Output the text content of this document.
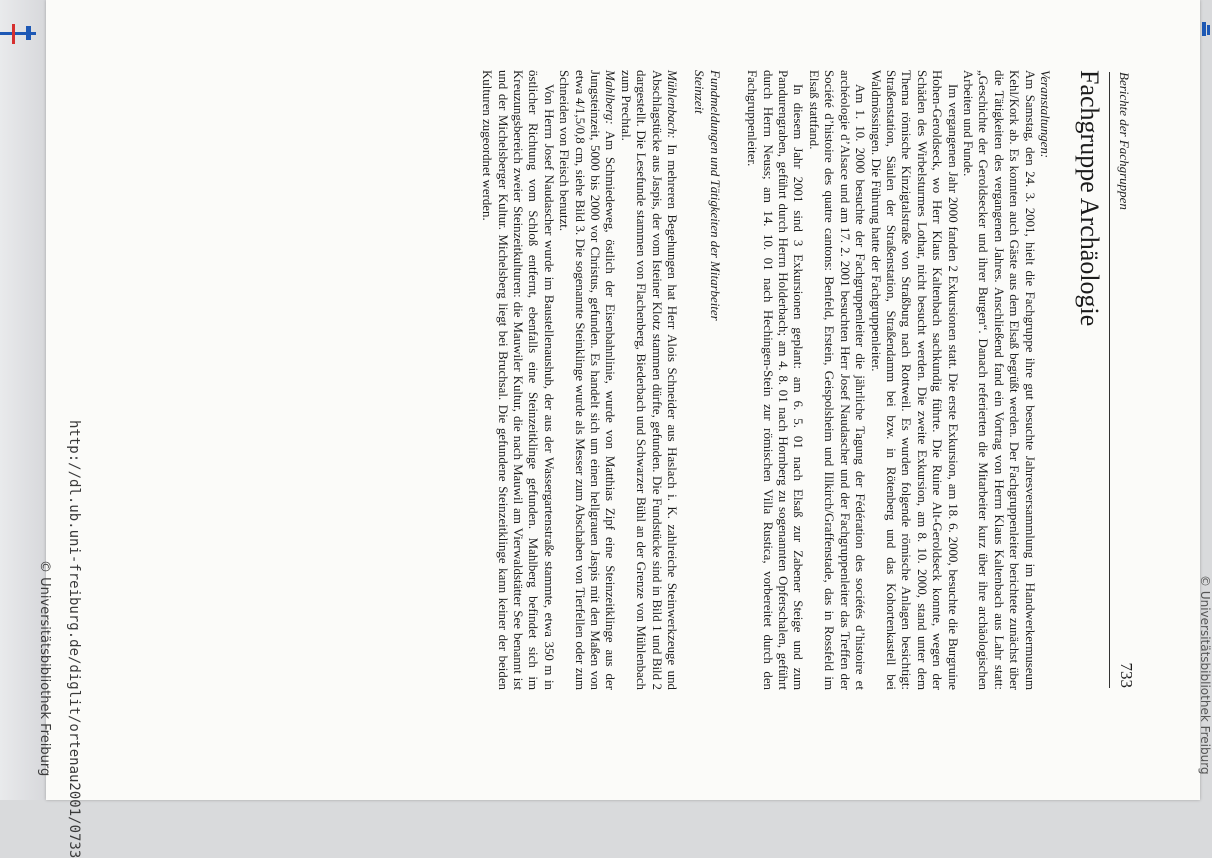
© Universitätsbibliothek Freiburg
Berichte der Fachgruppen
733
Fachgruppe Archäologie

Veranstaltungen:

Am Samstag, den 24. 3. 2001, hielt die Fachgruppe ihre gut besuchte Jahresversammlung im Handwerkermuseum Kehl/Kork ab. Es konnten auch Gäste aus dem Elsaß begrüßt werden. Der Fachgruppenleiter berichtete zunächst über die Tätigkeiten des vergangenen Jahres. Anschließend fand ein Vortrag von Herrn Klaus Kaltenbach aus Lahr statt: „Geschichte der Geroldsecker und ihrer Burgen“. Danach referierten die Mitarbeiter kurz über ihre archäologischen Arbeiten und Funde.

Im vergangenen Jahr 2000 fanden 2 Exkursionen statt. Die erste Exkursion, am 18. 6. 2000, besuchte die Burgruine Hohen-Geroldseck, wo Herr Klaus Kaltenbach sachkundig führte. Die Ruine Alt-Geroldseck konnte, wegen der Schäden des Wirbelsturmes Lothar, nicht besucht werden. Die zweite Exkursion, am 8. 10. 2000, stand unter dem Thema römische Kinzigtalstraße von Straßburg nach Rottweil. Es wurden folgende römische Anlagen besichtigt: Straßenstation, Säulen der Straßenstation, Straßendamm bei bzw. in Rötenberg und das Kohortenkastell bei Waldmössingen. Die Führung hatte der Fachgruppenleiter.

Am 1. 10. 2000 besuchte der Fachgruppenleiter die jährliche Tagung der Fédération des sociétés d’histoire et archéologie d’Alsace und am 17. 2. 2001 besuchten Herr Josef Naudascher und der Fachgruppenleiter das Treffen der Société d’histoire des quatre cantons: Benfeld, Erstein, Geispolsheim und Illkirch/Graffenstade, das in Rossfeld im Elsaß stattfand.

In diesem Jahr 2001 sind 3 Exkursionen geplant: am 6. 5. 01 nach Elsaß zur Zabener Steige und zum Pandurengraben, geführt durch Herrn Holderbach; am 4. 8. 01 nach Hornberg zu sogenannten Opferschalen, geführt durch Herrn Neuss; am 14. 10. 01 nach Hechingen-Stein zur römischen Villa Rustica, vorbereitet durch den Fachgruppenleiter.

Fundmeldungen und Tätigkeiten der Mitarbeiter

Steinzeit

Mühlenbach: In mehreren Begehungen hat Herr Alois Schneider aus Haslach i. K. zahlreiche Steinwerkzeuge und Abschlagstücke aus Jaspis, der vom Isteiner Klotz stammen dürfte, gefunden. Die Fundstücke sind in Bild 1 und Bild 2 dargestellt. Die Lesefunde stammen von Flachenberg, Biederbach und Schwarzer Bühl an der Grenze von Mühlenbach zum Prechtal.

Mahlberg: Am Schmiedeweg, östlich der Eisenbahnlinie, wurde von Matthias Zipf eine Steinzeitklinge aus der Jungsteinzeit, 5000 bis 2000 vor Christus, gefunden. Es handelt sich um einen hellgrauen Jaspis mit den Maßen von etwa 4/1,5/0,8 cm, siehe Bild 3. Die sogenannte Steinklinge wurde als Messer zum Abschaben von Tierfellen oder zum Schneiden von Fleisch benutzt.

Von Herrn Josef Naudascher wurde im Baustellenaushub, der aus der Wassergartenstraße stammte, etwa 350 m in östlicher Richtung vom Schloß entfernt, ebenfalls eine Steinzeitklinge gefunden. Mahlberg befindet sich im Kreuzungsbereich zweier Steinzeitkulturen: die Mauwiler Kultur, die nach Mauwil am Vierwaldstätter See benannt ist und der Michelsberger Kultur. Michelsberg liegt bei Bruchsal. Die gefundene Steinzeitklinge kann keiner der beiden Kulturen zugeordnet werden.

http://dl.ub.uni-freiburg.de/diglit/ortenau2001/0733
© Universitätsbibliothek Freiburg
